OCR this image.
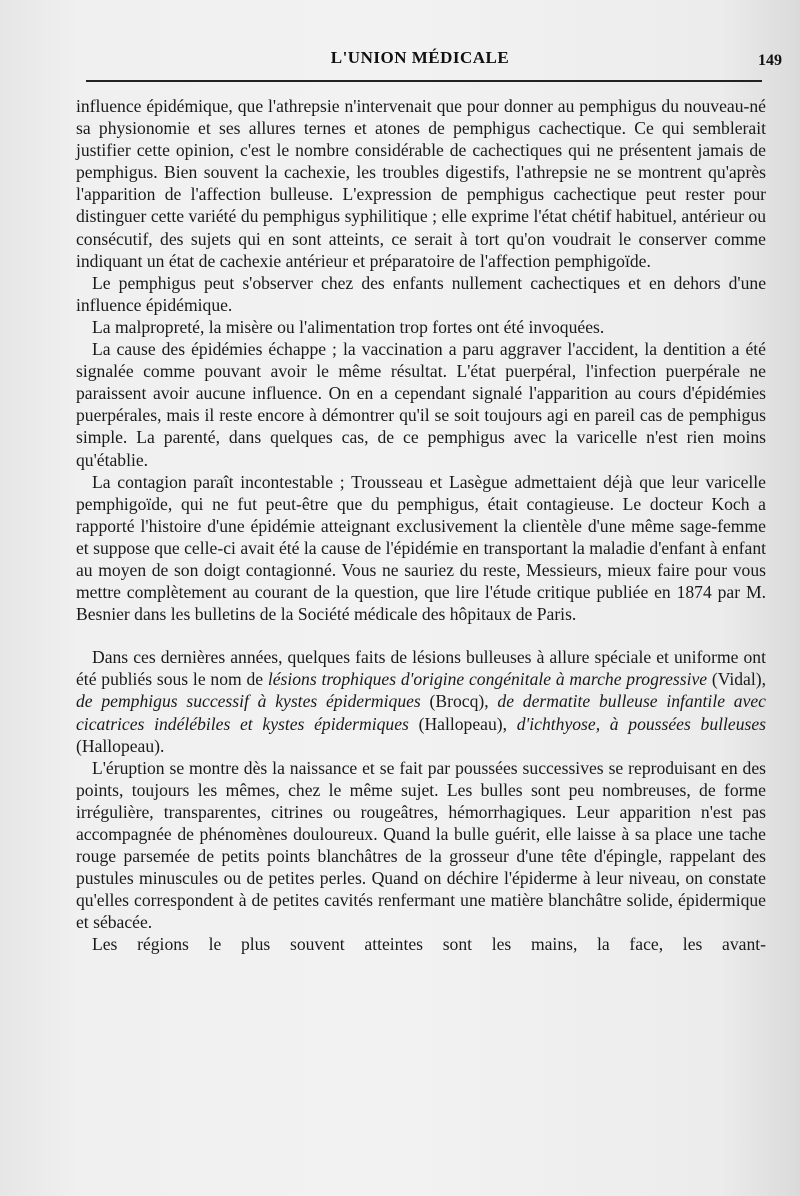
L'UNION MÉDICALE	149

influence épidémique, que l'athrepsie n'intervenait que pour donner au pemphigus du nouveau-né sa physionomie et ses allures ternes et atones de pemphigus cachectique. Ce qui semblerait justifier cette opinion, c'est le nombre considérable de cachectiques qui ne présentent jamais de pemphigus. Bien souvent la cachexie, les troubles digestifs, l'athrepsie ne se montrent qu'après l'apparition de l'affection bulleuse. L'expression de pemphigus cachectique peut rester pour distinguer cette variété du pemphigus syphilitique ; elle exprime l'état chétif habituel, antérieur ou consécutif, des sujets qui en sont atteints, ce serait à tort qu'on voudrait le conserver comme indiquant un état de cachexie antérieur et préparatoire de l'affection pemphigoïde.

Le pemphigus peut s'observer chez des enfants nullement cachectiques et en dehors d'une influence épidémique.

La malpropreté, la misère ou l'alimentation trop fortes ont été invoquées.

La cause des épidémies échappe ; la vaccination a paru aggraver l'accident, la dentition a été signalée comme pouvant avoir le même résultat. L'état puerpéral, l'infection puerpérale ne paraissent avoir aucune influence. On en a cependant signalé l'apparition au cours d'épidémies puerpérales, mais il reste encore à démontrer qu'il se soit toujours agi en pareil cas de pemphigus simple. La parenté, dans quelques cas, de ce pemphigus avec la varicelle n'est rien moins qu'établie.

La contagion paraît incontestable ; Trousseau et Lasègue admettaient déjà que leur varicelle pemphigoïde, qui ne fut peut-être que du pemphigus, était contagieuse. Le docteur Koch a rapporté l'histoire d'une épidémie atteignant exclusivement la clientèle d'une même sage-femme et suppose que celle-ci avait été la cause de l'épidémie en transportant la maladie d'enfant à enfant au moyen de son doigt contagionné. Vous ne sauriez du reste, Messieurs, mieux faire pour vous mettre complètement au courant de la question, que lire l'étude critique publiée en 1874 par M. Besnier dans les bulletins de la Société médicale des hôpitaux de Paris.

Dans ces dernières années, quelques faits de lésions bulleuses à allure spéciale et uniforme ont été publiés sous le nom de lésions trophiques d'origine congénitale à marche progressive (Vidal), de pemphigus successif à kystes épidermiques (Brocq), de dermatite bulleuse infantile avec cicatrices indélébiles et kystes épidermiques (Hallopeau), d'ichthyose, à poussées bulleuses (Hallopeau).

L'éruption se montre dès la naissance et se fait par poussées successives se reproduisant en des points, toujours les mêmes, chez le même sujet. Les bulles sont peu nombreuses, de forme irrégulière, transparentes, citrines ou rougeâtres, hémorrhagiques. Leur apparition n'est pas accompagnée de phénomènes douloureux. Quand la bulle guérit, elle laisse à sa place une tache rouge parsemée de petits points blanchâtres de la grosseur d'une tête d'épingle, rappelant des pustules minuscules ou de petites perles. Quand on déchire l'épiderme à leur niveau, on constate qu'elles correspondent à de petites cavités renfermant une matière blanchâtre solide, épidermique et sébacée.

Les régions le plus souvent atteintes sont les mains, la face, les avant-
